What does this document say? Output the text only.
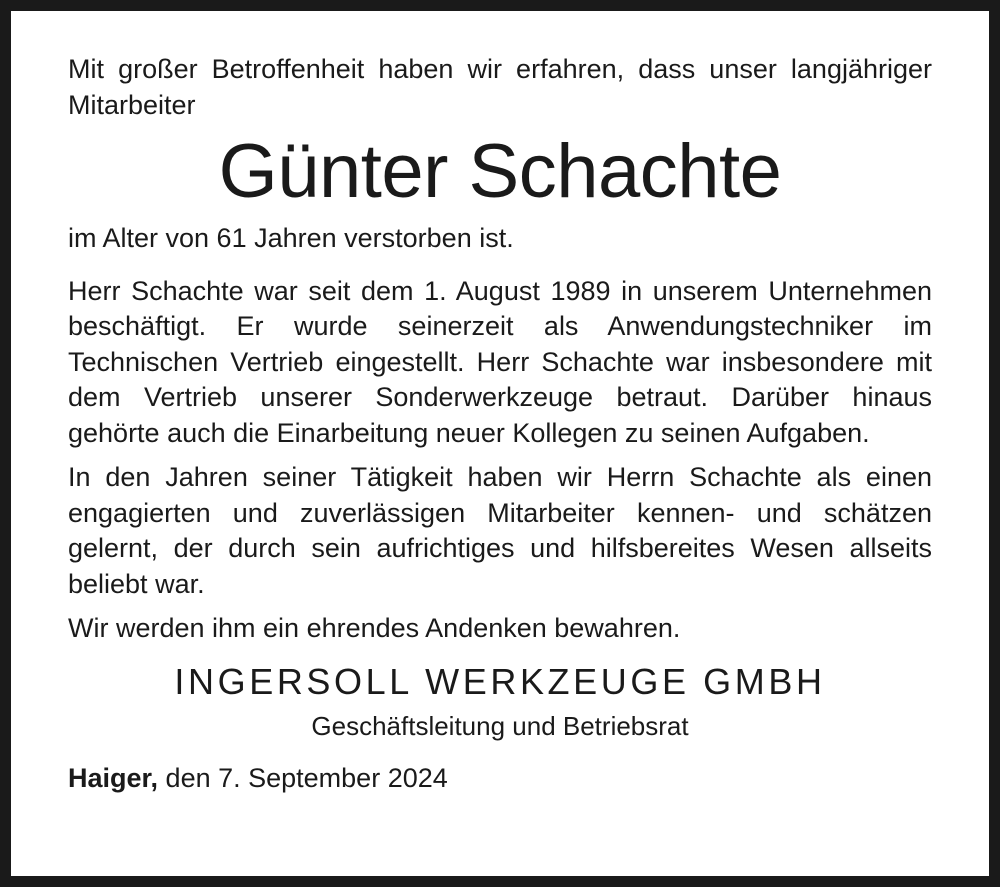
Mit großer Betroffenheit haben wir erfahren, dass unser langjähriger Mitarbeiter

Günter Schachte

im Alter von 61 Jahren verstorben ist.

Herr Schachte war seit dem 1. August 1989 in unserem Unternehmen beschäftigt. Er wurde seinerzeit als Anwendungstechniker im Technischen Vertrieb eingestellt. Herr Schachte war insbesondere mit dem Vertrieb unserer Sonderwerkzeuge betraut. Darüber hinaus gehörte auch die Einarbeitung neuer Kollegen zu seinen Aufgaben.

In den Jahren seiner Tätigkeit haben wir Herrn Schachte als einen engagierten und zuverlässigen Mitarbeiter kennen- und schätzen gelernt, der durch sein aufrichtiges und hilfsbereites Wesen allseits beliebt war.

Wir werden ihm ein ehrendes Andenken bewahren.

INGERSOLL WERKZEUGE GMBH
Geschäftsleitung und Betriebsrat

Haiger, den 7. September 2024
